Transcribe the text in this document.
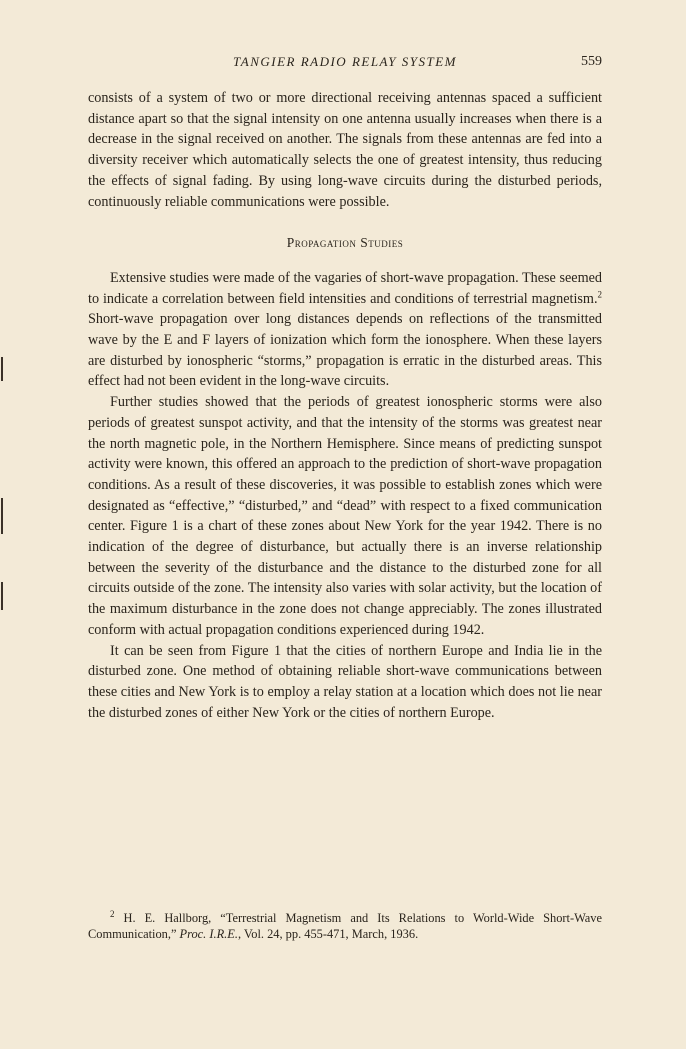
TANGIER RADIO RELAY SYSTEM	559

consists of a system of two or more directional receiving antennas spaced a sufficient distance apart so that the signal intensity on one antenna usually increases when there is a decrease in the signal received on another. The signals from these antennas are fed into a diversity receiver which automatically selects the one of greatest intensity, thus reducing the effects of signal fading. By using long-wave circuits during the disturbed periods, continuously reliable communications were possible.

Propagation Studies

Extensive studies were made of the vagaries of short-wave propagation. These seemed to indicate a correlation between field intensities and conditions of terrestrial magnetism.$^2$ Short-wave propagation over long distances depends on reflections of the transmitted wave by the E and F layers of ionization which form the ionosphere. When these layers are disturbed by ionospheric “storms,” propagation is erratic in the disturbed areas. This effect had not been evident in the long-wave circuits.

Further studies showed that the periods of greatest ionospheric storms were also periods of greatest sunspot activity, and that the intensity of the storms was greatest near the north magnetic pole, in the Northern Hemisphere. Since means of predicting sunspot activity were known, this offered an approach to the prediction of short-wave propagation conditions. As a result of these discoveries, it was possible to establish zones which were designated as “effective,” “disturbed,” and “dead” with respect to a fixed communication center. Figure 1 is a chart of these zones about New York for the year 1942. There is no indication of the degree of disturbance, but actually there is an inverse relationship between the severity of the disturbance and the distance to the disturbed zone for all circuits outside of the zone. The intensity also varies with solar activity, but the location of the maximum disturbance in the zone does not change appreciably. The zones illustrated conform with actual propagation conditions experienced during 1942.

It can be seen from Figure 1 that the cities of northern Europe and India lie in the disturbed zone. One method of obtaining reliable short-wave communications between these cities and New York is to employ a relay station at a location which does not lie near the disturbed zones of either New York or the cities of northern Europe.

$^2$ H. E. Hallborg, “Terrestrial Magnetism and Its Relations to World-Wide Short-Wave Communication,” Proc. I.R.E., Vol. 24, pp. 455-471, March, 1936.
